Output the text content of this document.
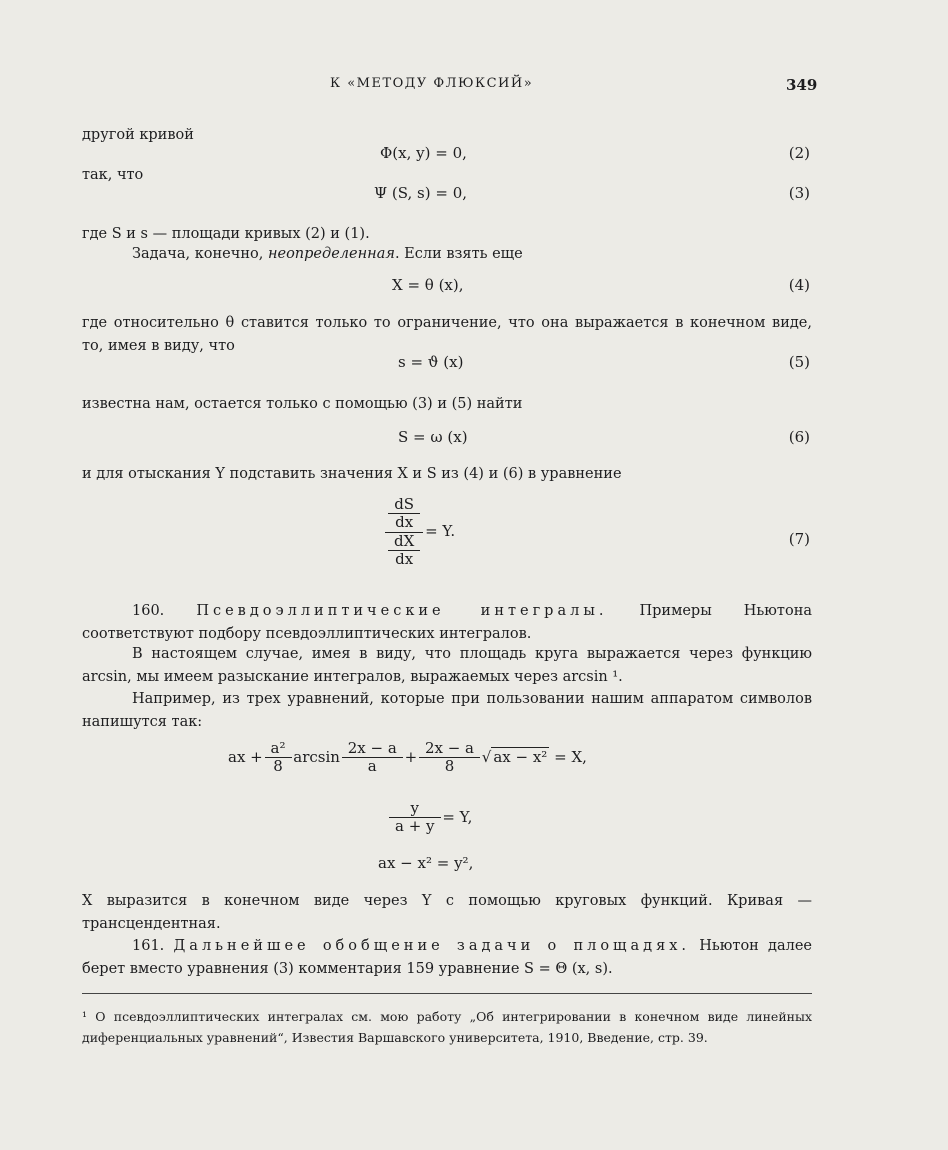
К «МЕТОДУ ФЛЮКСИЙ»	349
другой кривой
Φ(x, y) = 0,	(2)
так, что
Ψ (S, s) = 0,	(3)
где S и s — площади кривых (2) и (1).
Задача, конечно, неопределенная. Если взять еще
X = θ (x),	(4)
где относительно θ ставится только то ограничение, что она выражается в конечном виде, то, имея в виду, что
s = ϑ (x)	(5)
известна нам, остается только с помощью (3) и (5) найти
S = ω (x)	(6)
и для отыскания Y подставить значения X и S из (4) и (6) в уравнение
$\frac{\frac{dS}{dx}}{\frac{dX}{dx}} = Y$.	(7)
160. Псевдоэллиптические интегралы. Примеры Ньютона соответствуют подбору псевдоэллиптических интегралов.
В настоящем случае, имея в виду, что площадь круга выражается через функцию arcsin, мы имеем разыскание интегралов, выражаемых через arcsin ¹.
Например, из трех уравнений, которые при пользовании нашим аппаратом символов напишутся так:
ax + $\frac{\text{a²}}{8}$ $\arcsin \frac{2x - a}{a} + \frac{2x - a}{8}$ √ ax − x² = X,
$\frac{y}{a + y} = Y$,
ax − x² = y²,
X выразится в конечном виде через Y с помощью круговых функций. Кривая — трансцендентная.
161. Дальнейшее обобщение задачи о площадях. Ньютон далее берет вместо уравнения (3) комментария 159 уравнение S = Θ (x, s).
¹ О псевдоэллиптических интегралах см. мою работу „Об интегрировании в конечном виде линейных диференциальных уравнений“, Известия Варшавского университета, 1910, Введение, стр. 39.
